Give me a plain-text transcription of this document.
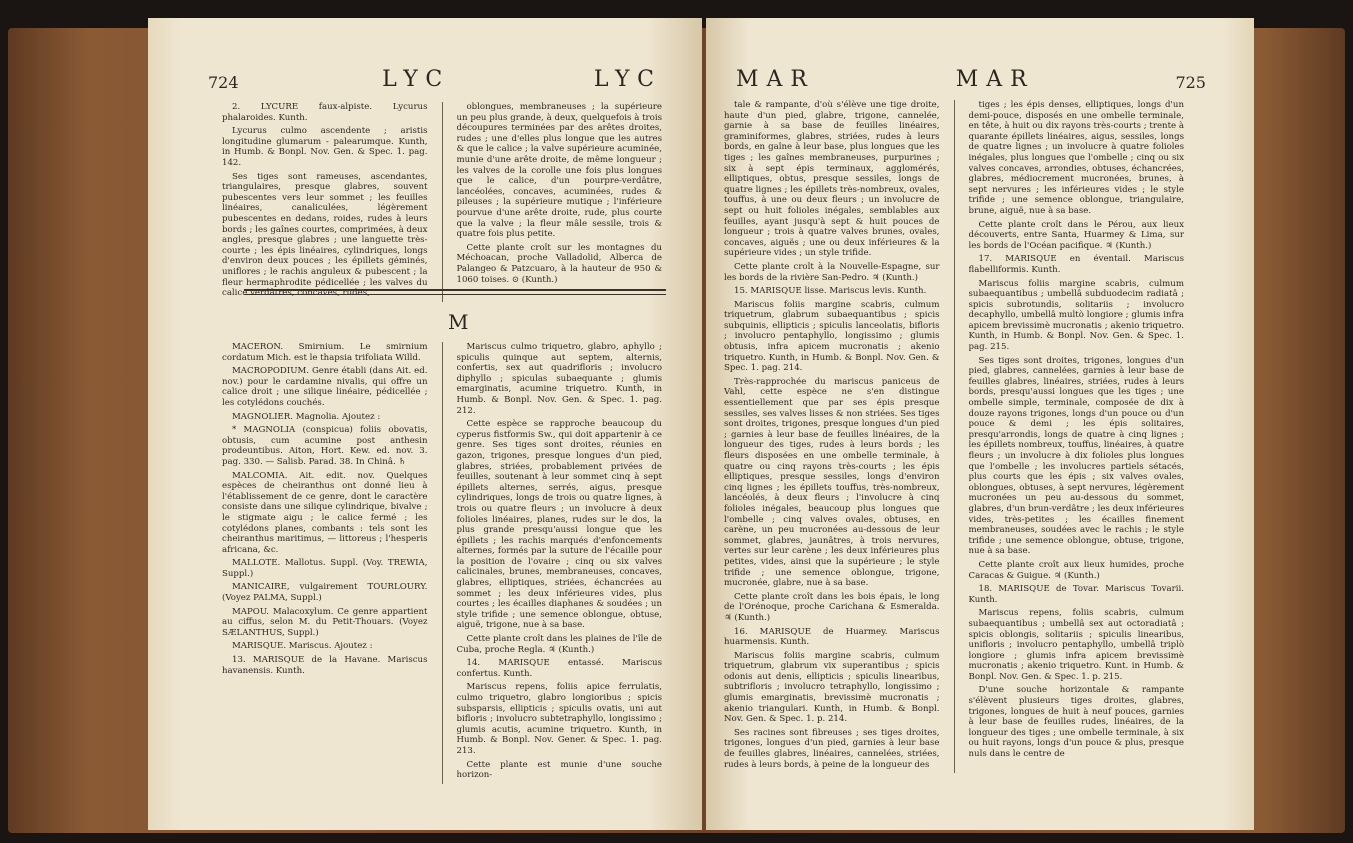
724	LYC	LYC

2. LYCURE faux-alpiste. Lycurus phalaroides. Kunth.

Lycurus culmo ascendente ; aristis longitudine glumarum - palearumque. Kunth, in Humb. & Bonpl. Nov. Gen. & Spec. 1. pag. 142.

Ses tiges sont rameuses, ascendantes, triangulaires, presque glabres, souvent pubescentes vers leur sommet ; les feuilles linéaires, canaliculées, légèrement pubescentes en dedans, roides, rudes à leurs bords ; les gaînes courtes, comprimées, à deux angles, presque glabres ; une languette très-courte ; les épis linéaires, cylindriques, longs d'environ deux pouces ; les épillets géminés, uniflores ; le rachis anguleux & pubescent ; la fleur hermaphrodite pédicellée ; les valves du calice verdâtres, concaves, rudes,

oblongues, membraneuses ; la supérieure un peu plus grande, à deux, quelquefois à trois découpures terminées par des arêtes droites, rudes ; une d'elles plus longue que les autres & que le calice ; la valve supérieure acuminée, munie d'une arête droite, de même longueur ; les valves de la corolle une fois plus longues que le calice, d'un pourpre-verdâtre, lancéolées, concaves, acuminées, rudes & pileuses ; la supérieure mutique ; l'inférieure pourvue d'une arête droite, rude, plus courte que la valve ; la fleur mâle sessile, trois & quatre fois plus petite.

Cette plante croît sur les montagnes du Méchoacan, proche Valladolid, Alberca de Palangeo & Patzcuaro, à la hauteur de 950 & 1060 toises. ⊙ (Kunth.)

M

MACERON. Smirnium. Le smirnium cordatum Mich. est le thapsia trifoliata Willd.

MACROPODIUM. Genre établi (dans Ait. ed. nov.) pour le cardamine nivalis, qui offre un calice droit ; une silique linéaire, pédicellée ; les cotylédons couchés.

MAGNOLIER. Magnolia. Ajoutez :

* MAGNOLIA (conspicua) foliis obovatis, obtusis, cum acumine post anthesin prodeuntibus. Aiton, Hort. Kew. ed. nov. 3. pag. 330. — Salisb. Parad. 38. In Chinâ. ♄

MALCOMIA. Ait. edit. nov. Quelques espèces de cheiranthus ont donné lieu à l'établissement de ce genre, dont le caractère consiste dans une silique cylindrique, bivalve ; le stigmate aigu ; le calice fermé ; les cotylédons planes, combants : tels sont les cheiranthus maritimus, — littoreus ; l'hesperis africana, &c.

MALLOTE. Mallotus. Suppl. (Voy. TREWIA, Suppl.)

MANICAIRE, vulgairement TOURLOURY. (Voyez PALMA, Suppl.)

MAPOU. Malacoxylum. Ce genre appartient au ciffus, selon M. du Petit-Thouars. (Voyez SÆLANTHUS, Suppl.)

MARISQUE. Mariscus. Ajoutez :

13. MARISQUE de la Havane. Mariscus havanensis. Kunth.

Mariscus culmo triquetro, glabro, aphyllo ; spiculis quinque aut septem, alternis, confertis, sex aut quadrifloris ; involucro diphyllo ; spiculas subaequante ; glumis emarginatis, acumine triquetro. Kunth, in Humb. & Bonpl. Nov. Gen. & Spec. 1. pag. 212.

Cette espèce se rapproche beaucoup du cyperus fistformis Sw., qui doit appartenir à ce genre. Ses tiges sont droites, réunies en gazon, trigones, presque longues d'un pied, glabres, striées, probablement privées de feuilles, soutenant à leur sommet cinq à sept épillets alternes, serrés, aigus, presque cylindriques, longs de trois ou quatre lignes, à trois ou quatre fleurs ; un involucre à deux folioles linéaires, planes, rudes sur le dos, la plus grande presqu'aussi longue que les épillets ; les rachis marqués d'enfoncements alternes, formés par la suture de l'écaille pour la position de l'ovaire ; cinq ou six valves calicinales, brunes, membraneuses, concaves, glabres, elliptiques, striées, échancrées au sommet ; les deux inférieures vides, plus courtes ; les écailles diaphanes & soudées ; un style trifide ; une semence oblongue, obtuse, aiguë, trigone, nue à sa base.

Cette plante croît dans les plaines de l'île de Cuba, proche Regla. ♃ (Kunth.)

14. MARISQUE entassé. Mariscus confertus. Kunth.

Mariscus repens, foliis apice ferrulatis, culmo triquetro, glabro longioribus ; spicis subsparsis, ellipticis ; spiculis ovatis, uni aut bifloris ; involucro subtetraphyllo, longissimo ; glumis acutis, acumine triquetro. Kunth, in Humb. & Bonpl. Nov. Gener. & Spec. 1. pag. 213.

Cette plante est munie d'une souche horizon-

MAR	MAR	725

tale & rampante, d'où s'élève une tige droite, haute d'un pied, glabre, trigone, cannelée, garnie à sa base de feuilles linéaires, graminiformes, glabres, striées, rudes à leurs bords, en gaîne à leur base, plus longues que les tiges ; les gaînes membraneuses, purpurines ; six à sept épis terminaux, agglomérés, elliptiques, obtus, presque sessiles, longs de quatre lignes ; les épillets très-nombreux, ovales, touffus, à une ou deux fleurs ; un involucre de sept ou huit folioles inégales, semblables aux feuilles, ayant jusqu'à sept & huit pouces de longueur ; trois à quatre valves brunes, ovales, concaves, aiguës ; une ou deux inférieures & la supérieure vides ; un style trifide.

Cette plante croît à la Nouvelle-Espagne, sur les bords de la rivière San-Pedro. ♃ (Kunth.)

15. MARISQUE lisse. Mariscus levis. Kunth.

Mariscus foliis margine scabris, culmum triquetrum, glabrum subaequantibus ; spicis subquinis, ellipticis ; spiculis lanceolatis, bifloris ; involucro pentaphyllo, longissimo ; glumis obtusis, infra apicem mucronatis ; akenio triquetro. Kunth, in Humb. & Bonpl. Nov. Gen. & Spec. 1. pag. 214.

Très-rapprochée du mariscus paniceus de Vahl, cette espèce ne s'en distingue essentiellement que par ses épis presque sessiles, ses valves lisses & non striées. Ses tiges sont droites, trigones, presque longues d'un pied ; garnies à leur base de feuilles linéaires, de la longueur des tiges, rudes à leurs bords ; les fleurs disposées en une ombelle terminale, à quatre ou cinq rayons très-courts ; les épis elliptiques, presque sessiles, longs d'environ cinq lignes ; les épillets touffus, très-nombreux, lancéolés, à deux fleurs ; l'involucre à cinq folioles inégales, beaucoup plus longues que l'ombelle ; cinq valves ovales, obtuses, en carène, un peu mucronées au-dessous de leur sommet, glabres, jaunâtres, à trois nervures, vertes sur leur carène ; les deux inférieures plus petites, vides, ainsi que la supérieure ; le style trifide ; une semence oblongue, trigone, mucronée, glabre, nue à sa base.

Cette plante croît dans les bois épais, le long de l'Orénoque, proche Carichana & Esmeralda. ♃ (Kunth.)

16. MARISQUE de Huarmey. Mariscus huarmensis. Kunth.

Mariscus foliis margine scabris, culmum triquetrum, glabrum vix superantibus ; spicis odonis aut denis, ellipticis ; spiculis linearibus, subtrifloris ; involucro tetraphyllo, longissimo ; glumis emarginatis, brevissimè mucronatis ; akenio triangulari. Kunth, in Humb. & Bonpl. Nov. Gen. & Spec. 1. p. 214.

Ses racines sont fibreuses ; ses tiges droites, trigones, longues d'un pied, garnies à leur base de feuilles glabres, linéaires, cannelées, striées, rudes à leurs bords, à peine de la longueur des

tiges ; les épis denses, elliptiques, longs d'un demi-pouce, disposés en une ombelle terminale, en tête, à huit ou dix rayons très-courts ; trente à quarante épillets linéaires, aigus, sessiles, longs de quatre lignes ; un involucre à quatre folioles inégales, plus longues que l'ombelle ; cinq ou six valves concaves, arrondies, obtuses, échancrées, glabres, médiocrement mucronées, brunes, à sept nervures ; les inférieures vides ; le style trifide ; une semence oblongue, triangulaire, brune, aiguë, nue à sa base.

Cette plante croît dans le Pérou, aux lieux découverts, entre Santa, Huarmey & Lima, sur les bords de l'Océan pacifique. ♃ (Kunth.)

17. MARISQUE en éventail. Mariscus flabelliformis. Kunth.

Mariscus foliis margine scabris, culmum subaequantibus ; umbellâ subduodecim radiatâ ; spicis subrotundis, solitariis ; involucro decaphyllo, umbellâ multò longiore ; glumis infra apicem brevissimè mucronatis ; akenio triquetro. Kunth, in Humb. & Bonpl. Nov. Gen. & Spec. 1. pag. 215.

Ses tiges sont droites, trigones, longues d'un pied, glabres, cannelées, garnies à leur base de feuilles glabres, linéaires, striées, rudes à leurs bords, presqu'aussi longues que les tiges ; une ombelle simple, terminale, composée de dix à douze rayons trigones, longs d'un pouce ou d'un pouce & demi ; les épis solitaires, presqu'arrondis, longs de quatre à cinq lignes ; les épillets nombreux, touffus, linéaires, à quatre fleurs ; un involucre à dix folioles plus longues que l'ombelle ; les involucres partiels sétacés, plus courts que les épis ; six valves ovales, oblongues, obtuses, à sept nervures, légèrement mucronées un peu au-dessous du sommet, glabres, d'un brun-verdâtre ; les deux inférieures vides, très-petites ; les écailles finement membraneuses, soudées avec le rachis ; le style trifide ; une semence oblongue, obtuse, trigone, nue à sa base.

Cette plante croît aux lieux humides, proche Caracas & Guigue. ♃ (Kunth.)

18. MARISQUE de Tovar. Mariscus Tovarii. Kunth.

Mariscus repens, foliis scabris, culmum subaequantibus ; umbellâ sex aut octoradiatâ ; spicis oblongis, solitariis ; spiculis linearibus, unifloris ; involucro pentaphyllo, umbellâ triplò longiore ; glumis infra apicem brevissimè mucronatis ; akenio triquetro. Kunt. in Humb. & Bonpl. Nov. Gen. & Spec. 1. p. 215.

D'une souche horizontale & rampante s'élèvent plusieurs tiges droites, glabres, trigones, longues de huit à neuf pouces, garnies à leur base de feuilles rudes, linéaires, de la longueur des tiges ; une ombelle terminale, à six ou huit rayons, longs d'un pouce & plus, presque nuls dans le centre de
